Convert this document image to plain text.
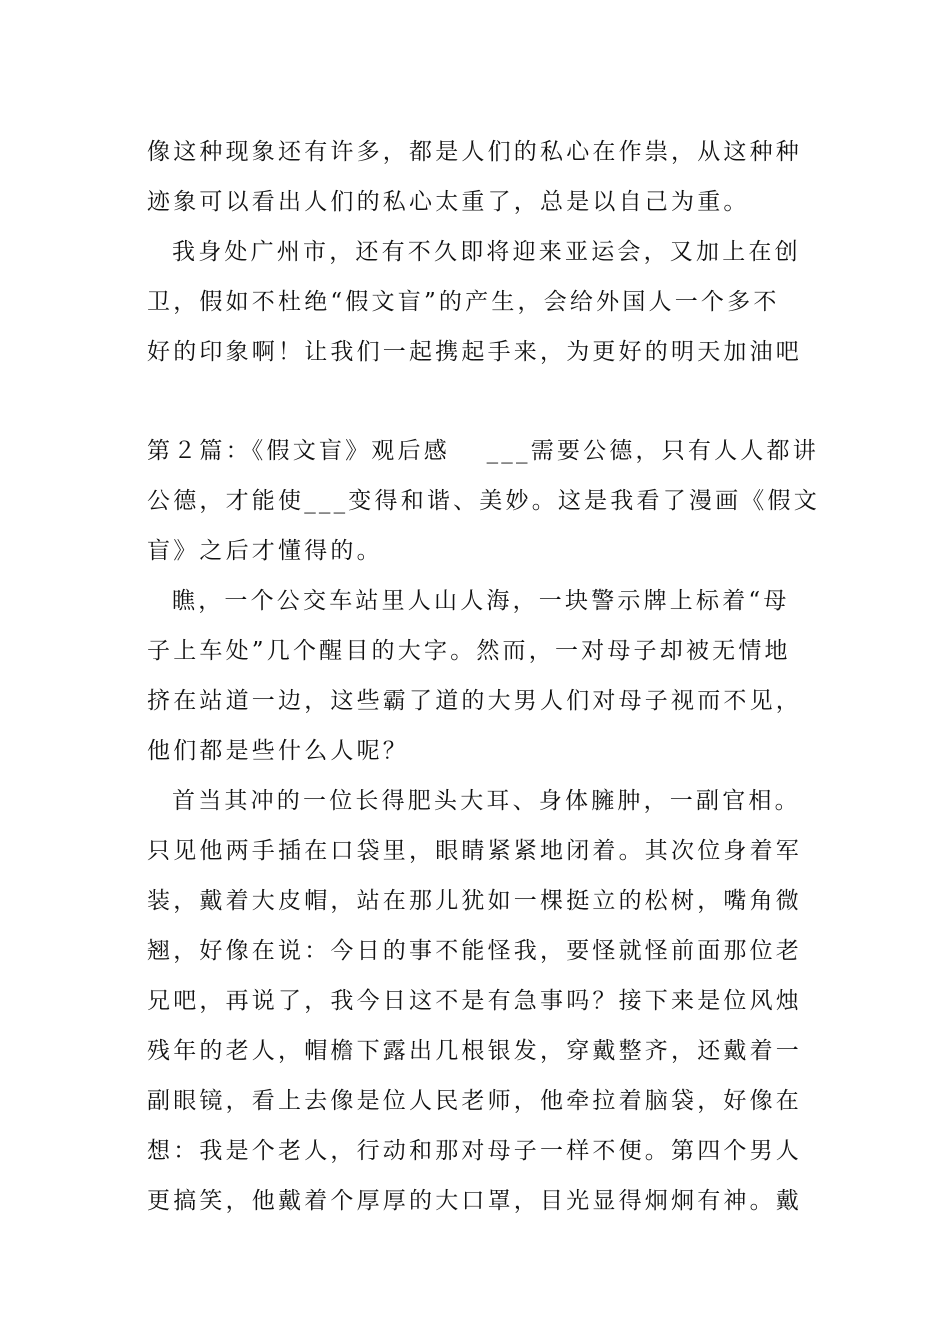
像这种现象还有许多，都是人们的私心在作祟，从这种种
迹象可以看出人们的私心太重了，总是以自己为重。
我身处广州市，还有不久即将迎来亚运会，又加上在创
卫，假如不杜绝“假文盲”的产生，会给外国人一个多不
好的印象啊！让我们一起携起手来，为更好的明天加油吧
第２篇：《假文盲》观后感　 ___需要公德，只有人人都讲
公德，才能使___变得和谐、美妙。这是我看了漫画《假文
盲》之后才懂得的。
瞧，一个公交车站里人山人海，一块警示牌上标着“母
子上车处”几个醒目的大字。然而，一对母子却被无情地
挤在站道一边，这些霸了道的大男人们对母子视而不见，
他们都是些什么人呢？
首当其冲的一位长得肥头大耳、身体臃肿，一副官相。
只见他两手插在口袋里，眼睛紧紧地闭着。其次位身着军
装，戴着大皮帽，站在那儿犹如一棵挺立的松树，嘴角微
翘，好像在说：今日的事不能怪我，要怪就怪前面那位老
兄吧，再说了，我今日这不是有急事吗？接下来是位风烛
残年的老人，帽檐下露出几根银发，穿戴整齐，还戴着一
副眼镜，看上去像是位人民老师，他牵拉着脑袋，好像在
想：我是个老人，行动和那对母子一样不便。第四个男人
更搞笑，他戴着个厚厚的大口罩，目光显得炯炯有神。戴
